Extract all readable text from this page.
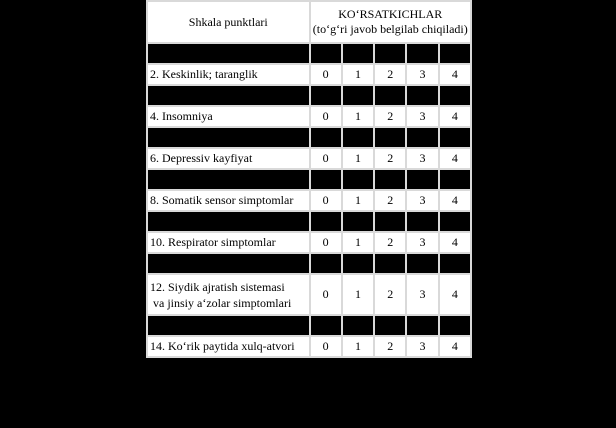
Shkala punktlari	KO‘RSATKICHLAR
(to‘g‘ri javob belgilab chiqiladi)				

2. Keskinlik; taranglik	0	1	2	3	4

4. Insomniya	0	1	2	3	4

6. Depressiv kayfiyat	0	1	2	3	4

8. Somatik sensor simptomlar	0	1	2	3	4

10. Respirator simptomlar	0	1	2	3	4

12. Siydik ajratish sistemasi
va jinsiy a‘zolar simptomlari	0	1	2	3	4

14. Ko‘rik paytida xulq-atvori	0	1	2	3	4
